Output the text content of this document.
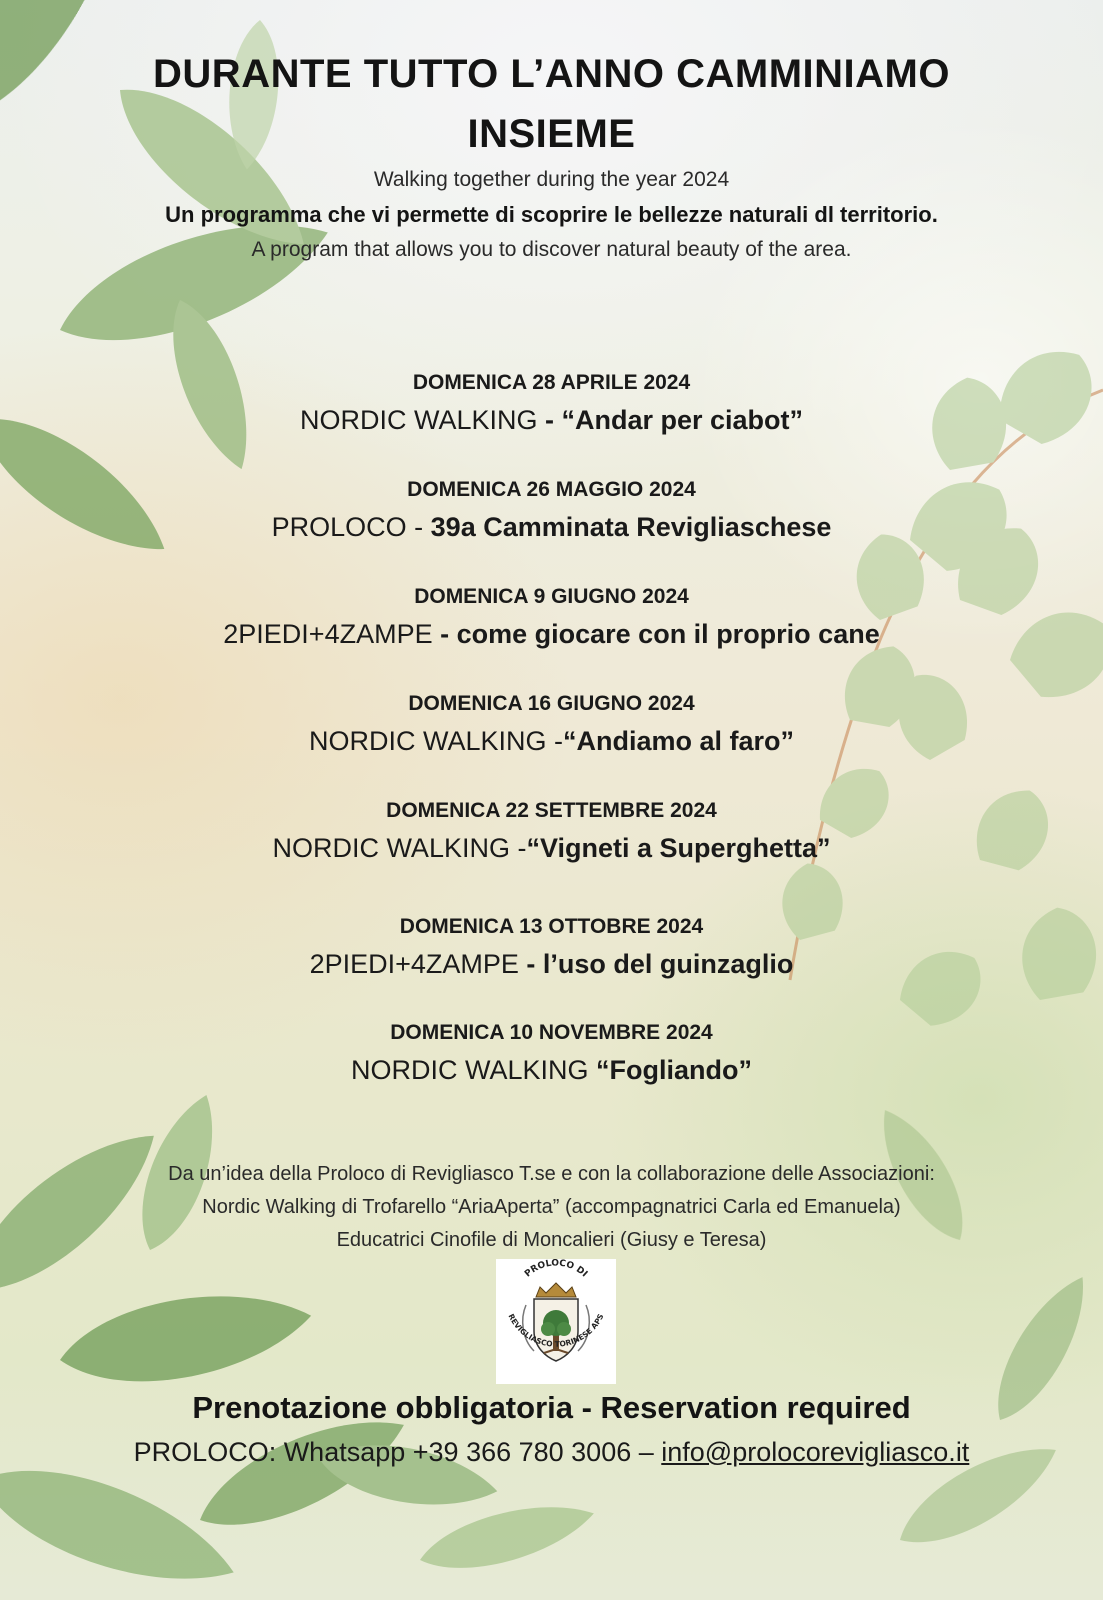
DURANTE TUTTO L’ANNO CAMMINIAMO
INSIEME
Walking together during the year 2024
Un programma che vi permette di scoprire le bellezze naturali dl territorio.
A program that allows you to discover natural beauty of the area.
DOMENICA 28 APRILE 2024
NORDIC WALKING - “Andar per ciabot”
DOMENICA 26 MAGGIO 2024
PROLOCO - 39a Camminata Revigliaschese
DOMENICA 9 GIUGNO 2024
2PIEDI+4ZAMPE - come giocare con il proprio cane
DOMENICA 16 GIUGNO 2024
NORDIC WALKING -“Andiamo al faro”
DOMENICA 22 SETTEMBRE 2024
NORDIC WALKING -“Vigneti a Superghetta”
DOMENICA 13 OTTOBRE 2024
2PIEDI+4ZAMPE - l’uso del guinzaglio
DOMENICA 10 NOVEMBRE 2024
NORDIC WALKING “Fogliando”
Da un’idea della Proloco di Revigliasco T.se e con la collaborazione delle Associazioni:
Nordic Walking di Trofarello “AriaAperta” (accompagnatrici Carla ed Emanuela)
Educatrici Cinofile di Moncalieri (Giusy e Teresa)
PROLOCO DI
REVIGLIASCO TORINESE APS
Prenotazione obbligatoria - Reservation required
PROLOCO: Whatsapp +39 366 780 3006 – info@prolocorevigliasco.it
